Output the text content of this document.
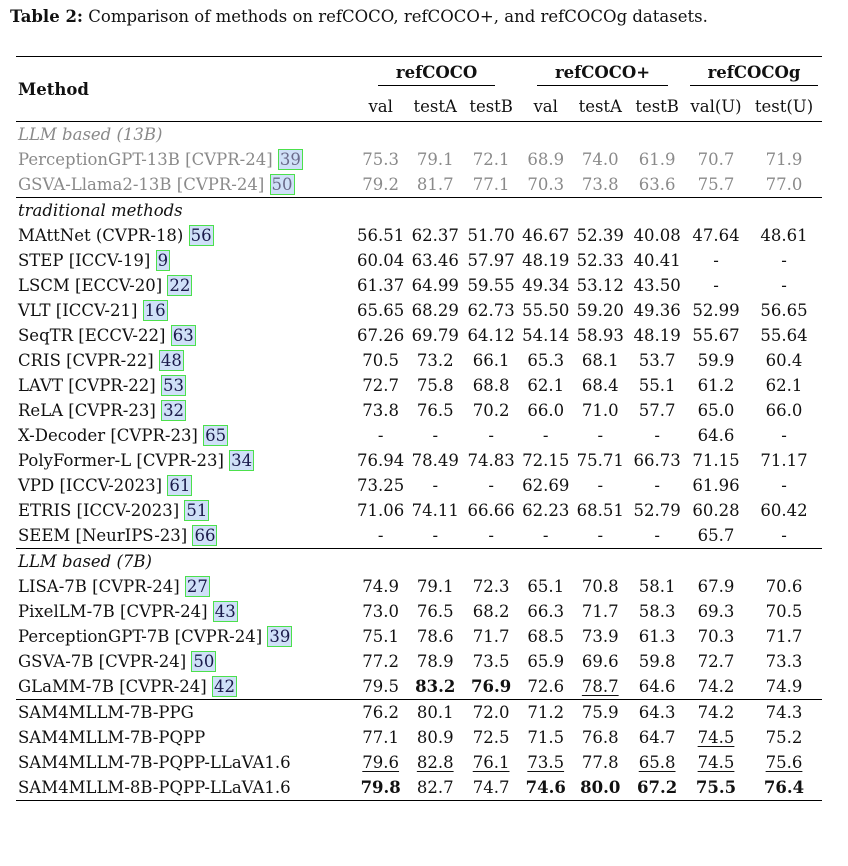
Table 2: Comparison of methods on refCOCO, refCOCO+, and refCOCOg datasets.
Method	refCOCO			refCOCO+			refCOCOg	
	val	testA	testB	val	testA	testB	val(U)	test(U)
LLM based (13B)								
PerceptionGPT-13B [CVPR-24] 39	75.3	79.1	72.1	68.9	74.0	61.9	70.7	71.9
GSVA-Llama2-13B [CVPR-24] 50	79.2	81.7	77.1	70.3	73.8	63.6	75.7	77.0
traditional methods								
MAttNet (CVPR-18) 56	56.51	62.37	51.70	46.67	52.39	40.08	47.64	48.61
STEP [ICCV-19] 9	60.04	63.46	57.97	48.19	52.33	40.41	-	-
LSCM [ECCV-20] 22	61.37	64.99	59.55	49.34	53.12	43.50	-	-
VLT [ICCV-21] 16	65.65	68.29	62.73	55.50	59.20	49.36	52.99	56.65
SeqTR [ECCV-22] 63	67.26	69.79	64.12	54.14	58.93	48.19	55.67	55.64
CRIS [CVPR-22] 48	70.5	73.2	66.1	65.3	68.1	53.7	59.9	60.4
LAVT [CVPR-22] 53	72.7	75.8	68.8	62.1	68.4	55.1	61.2	62.1
ReLA [CVPR-23] 32	73.8	76.5	70.2	66.0	71.0	57.7	65.0	66.0
X-Decoder [CVPR-23] 65	-	-	-	-	-	-	64.6	-
PolyFormer-L [CVPR-23] 34	76.94	78.49	74.83	72.15	75.71	66.73	71.15	71.17
VPD [ICCV-2023] 61	73.25	-	-	62.69	-	-	61.96	-
ETRIS [ICCV-2023] 51	71.06	74.11	66.66	62.23	68.51	52.79	60.28	60.42
SEEM [NeurIPS-23] 66	-	-	-	-	-	-	65.7	-
LLM based (7B)								
LISA-7B [CVPR-24] 27	74.9	79.1	72.3	65.1	70.8	58.1	67.9	70.6
PixelLM-7B [CVPR-24] 43	73.0	76.5	68.2	66.3	71.7	58.3	69.3	70.5
PerceptionGPT-7B [CVPR-24] 39	75.1	78.6	71.7	68.5	73.9	61.3	70.3	71.7
GSVA-7B [CVPR-24] 50	77.2	78.9	73.5	65.9	69.6	59.8	72.7	73.3
GLaMM-7B [CVPR-24] 42	79.5	83.2	76.9	72.6	78.7	64.6	74.2	74.9
SAM4MLLM-7B-PPG	76.2	80.1	72.0	71.2	75.9	64.3	74.2	74.3
SAM4MLLM-7B-PQPP	77.1	80.9	72.5	71.5	76.8	64.7	74.5	75.2
SAM4MLLM-7B-PQPP-LLaVA1.6	79.6	82.8	76.1	73.5	77.8	65.8	74.5	75.6
SAM4MLLM-8B-PQPP-LLaVA1.6	79.8	82.7	74.7	74.6	80.0	67.2	75.5	76.4
